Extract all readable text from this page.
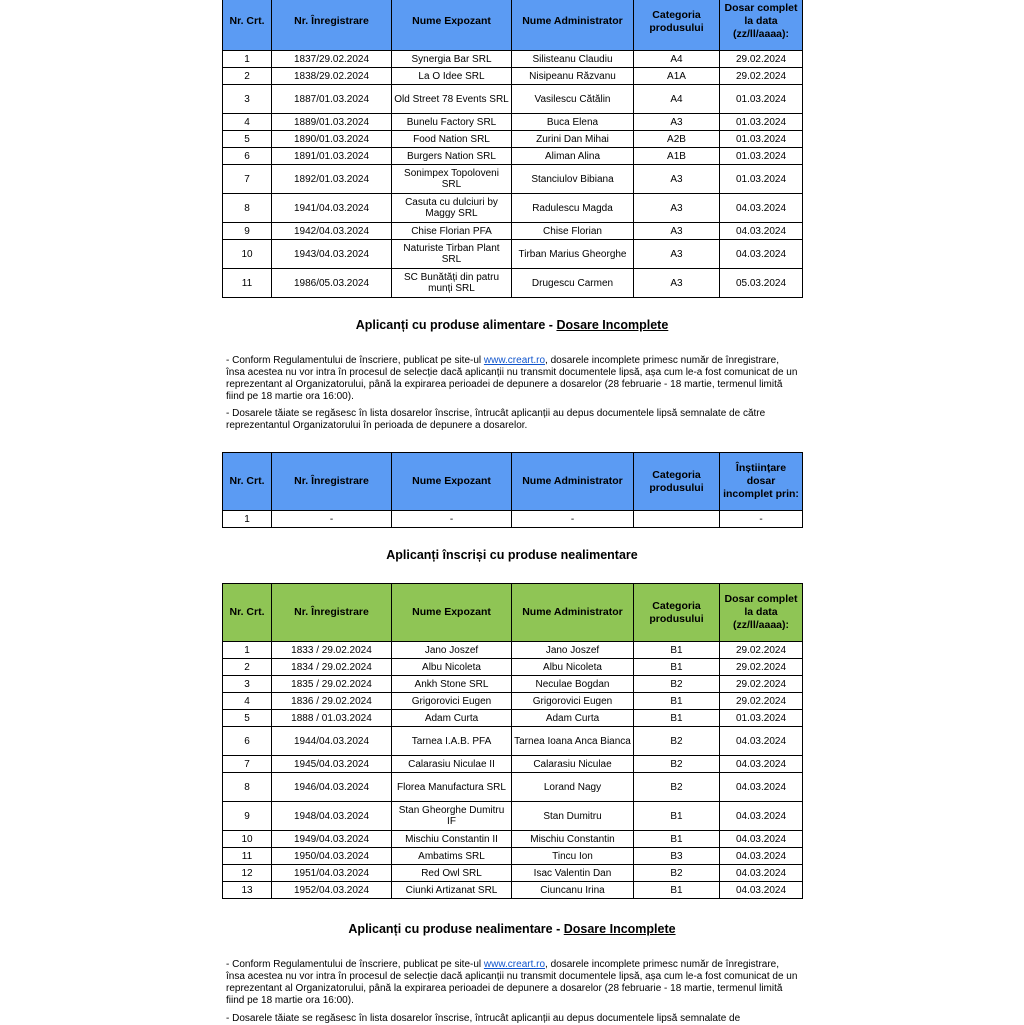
Nr. Crt.	Nr. Înregistrare	Nume Expozant	Nume Administrator	Categoria produsului	Dosar complet la data (zz/ll/aaaa):
1	1837/29.02.2024	Synergia Bar SRL	Silisteanu Claudiu	A4	29.02.2024
2	1838/29.02.2024	La O Idee SRL	Nisipeanu Răzvanu	A1A	29.02.2024
3	1887/01.03.2024	Old Street 78 Events SRL	Vasilescu Cătălin	A4	01.03.2024
4	1889/01.03.2024	Bunelu Factory SRL	Buca Elena	A3	01.03.2024
5	1890/01.03.2024	Food Nation SRL	Zurini Dan Mihai	A2B	01.03.2024
6	1891/01.03.2024	Burgers Nation SRL	Aliman Alina	A1B	01.03.2024
7	1892/01.03.2024	Sonimpex Topoloveni SRL	Stanciulov Bibiana	A3	01.03.2024
8	1941/04.03.2024	Casuta cu dulciuri by Maggy SRL	Radulescu Magda	A3	04.03.2024
9	1942/04.03.2024	Chise Florian PFA	Chise Florian	A3	04.03.2024
10	1943/04.03.2024	Naturiste Tirban Plant SRL	Tirban Marius Gheorghe	A3	04.03.2024
11	1986/05.03.2024	SC Bunătăți din patru munți SRL	Drugescu Carmen	A3	05.03.2024
Aplicanți cu produse alimentare - Dosare Incomplete
- Conform Regulamentului de înscriere, publicat pe site-ul www.creart.ro, dosarele incomplete primesc număr de înregistrare, însa acestea nu vor intra în procesul de selecție dacă aplicanții nu transmit documentele lipsă, așa cum le-a fost comunicat de un reprezentant al Organizatorului, până la expirarea perioadei de depunere a dosarelor (28 februarie - 18 martie, termenul limită fiind pe 18 martie ora 16:00).
- Dosarele tăiate se regăsesc în lista dosarelor înscrise, întrucât aplicanții au depus documentele lipsă semnalate de către reprezentantul Organizatorului în perioada de depunere a dosarelor.
Nr. Crt.	Nr. Înregistrare	Nume Expozant	Nume Administrator	Categoria produsului	Înștiințare dosar incomplet prin:
1	-	-	-		-
Aplicanți înscriși cu produse nealimentare
Nr. Crt.	Nr. Înregistrare	Nume Expozant	Nume Administrator	Categoria produsului	Dosar complet la data (zz/ll/aaaa):
1	1833 / 29.02.2024	Jano Joszef	Jano Joszef	B1	29.02.2024
2	1834 / 29.02.2024	Albu Nicoleta	Albu Nicoleta	B1	29.02.2024
3	1835 / 29.02.2024	Ankh Stone SRL	Neculae Bogdan	B2	29.02.2024
4	1836 / 29.02.2024	Grigorovici Eugen	Grigorovici Eugen	B1	29.02.2024
5	1888 / 01.03.2024	Adam Curta	Adam Curta	B1	01.03.2024
6	1944/04.03.2024	Tarnea I.A.B. PFA	Tarnea Ioana Anca Bianca	B2	04.03.2024
7	1945/04.03.2024	Calarasiu Niculae II	Calarasiu Niculae	B2	04.03.2024
8	1946/04.03.2024	Florea Manufactura SRL	Lorand Nagy	B2	04.03.2024
9	1948/04.03.2024	Stan Gheorghe Dumitru IF	Stan Dumitru	B1	04.03.2024
10	1949/04.03.2024	Mischiu Constantin II	Mischiu Constantin	B1	04.03.2024
11	1950/04.03.2024	Ambatims SRL	Tincu Ion	B3	04.03.2024
12	1951/04.03.2024	Red Owl SRL	Isac Valentin Dan	B2	04.03.2024
13	1952/04.03.2024	Ciunki Artizanat SRL	Ciuncanu Irina	B1	04.03.2024
Aplicanți cu produse nealimentare - Dosare Incomplete
- Conform Regulamentului de înscriere, publicat pe site-ul www.creart.ro, dosarele incomplete primesc număr de înregistrare, însa acestea nu vor intra în procesul de selecție dacă aplicanții nu transmit documentele lipsă, așa cum le-a fost comunicat de un reprezentant al Organizatorului, până la expirarea perioadei de depunere a dosarelor (28 februarie - 18 martie, termenul limită fiind pe 18 martie ora 16:00).
- Dosarele tăiate se regăsesc în lista dosarelor înscrise, întrucât aplicanții au depus documentele lipsă semnalate de
